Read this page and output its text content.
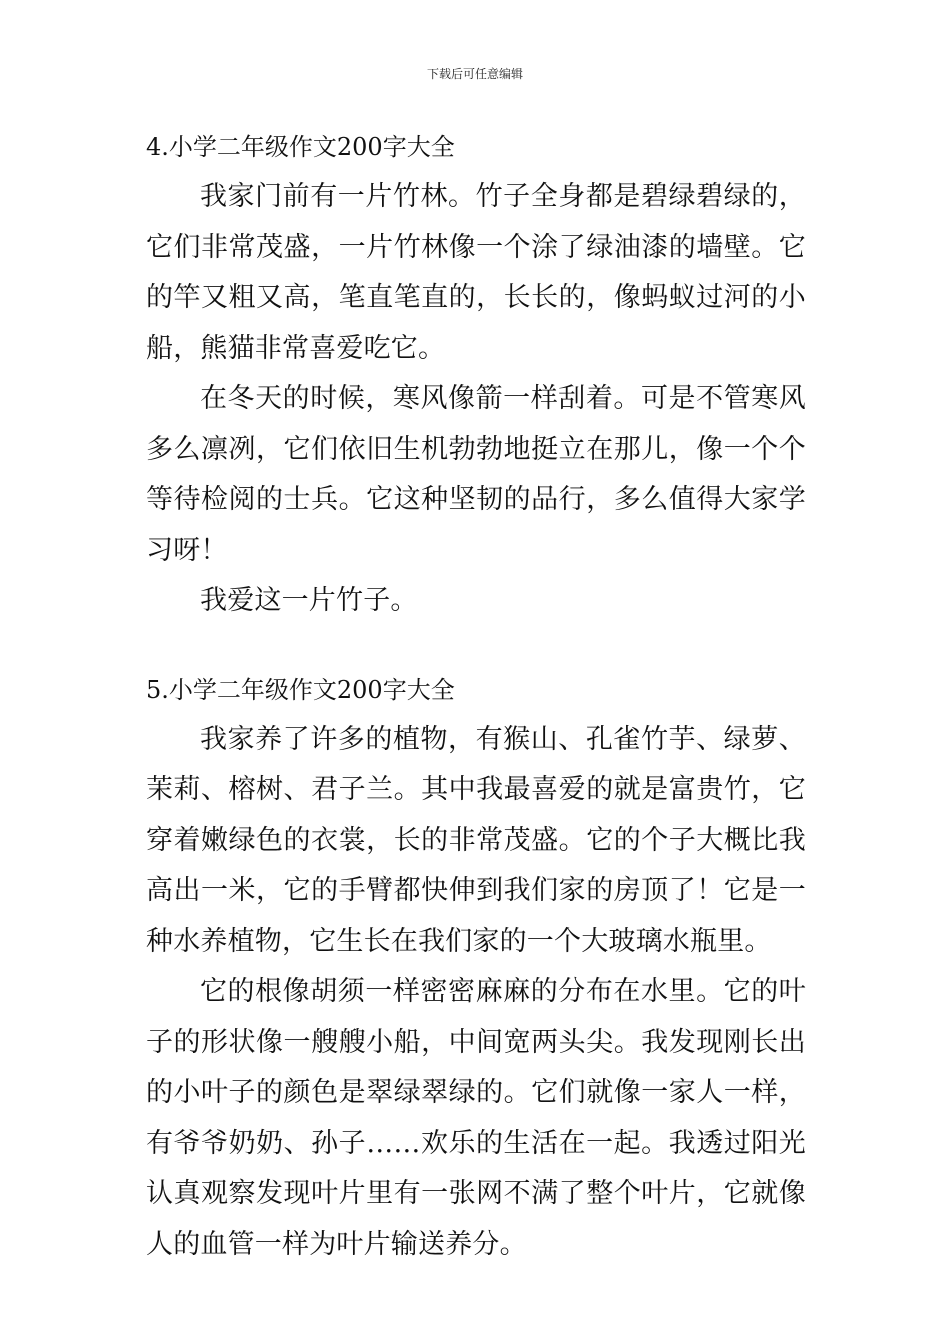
下载后可任意编辑
4.小学二年级作文200字大全

我家门前有一片竹林。竹子全身都是碧绿碧绿的，它们非常茂盛，一片竹林像一个涂了绿油漆的墙壁。它的竿又粗又高，笔直笔直的，长长的，像蚂蚁过河的小船，熊猫非常喜爱吃它。

在冬天的时候，寒风像箭一样刮着。可是不管寒风多么凛冽，它们依旧生机勃勃地挺立在那儿，像一个个等待检阅的士兵。它这种坚韧的品行，多么值得大家学习呀！

我爱这一片竹子。

5.小学二年级作文200字大全

我家养了许多的植物，有猴山、孔雀竹芋、绿萝、茉莉、榕树、君子兰。其中我最喜爱的就是富贵竹，它穿着嫩绿色的衣裳，长的非常茂盛。它的个子大概比我高出一米，它的手臂都快伸到我们家的房顶了！它是一种水养植物，它生长在我们家的一个大玻璃水瓶里。

它的根像胡须一样密密麻麻的分布在水里。它的叶子的形状像一艘艘小船，中间宽两头尖。我发现刚长出的小叶子的颜色是翠绿翠绿的。它们就像一家人一样，有爷爷奶奶、孙子……欢乐的生活在一起。我透过阳光认真观察发现叶片里有一张网不满了整个叶片，它就像人的血管一样为叶片输送养分。
